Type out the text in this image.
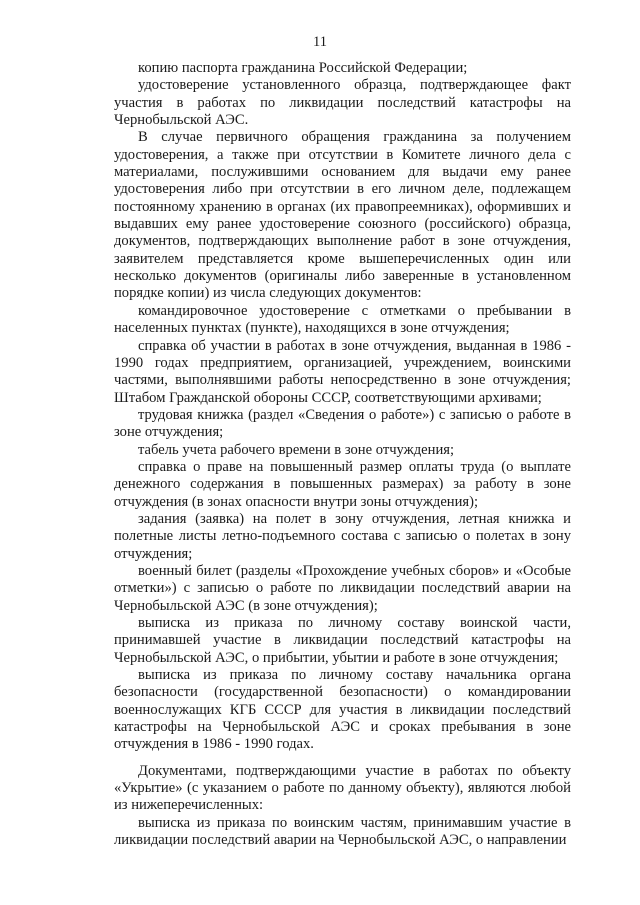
11

копию паспорта гражданина Российской Федерации;

удостоверение установленного образца, подтверждающее факт участия в работах по ликвидации последствий катастрофы на Чернобыльской АЭС.

В случае первичного обращения гражданина за получением удостоверения, а также при отсутствии в Комитете личного дела с материалами, послужившими основанием для выдачи ему ранее удостоверения либо при отсутствии в его личном деле, подлежащем постоянному хранению в органах (их правопреемниках), оформивших и выдавших ему ранее удостоверение союзного (российского) образца, документов, подтверждающих выполнение работ в зоне отчуждения, заявителем представляется кроме вышеперечисленных один или несколько документов (оригиналы либо заверенные в установленном порядке копии) из числа следующих документов:

командировочное удостоверение с отметками о пребывании в населенных пунктах (пункте), находящихся в зоне отчуждения;

справка об участии в работах в зоне отчуждения, выданная в 1986 - 1990 годах предприятием, организацией, учреждением, воинскими частями, выполнявшими работы непосредственно в зоне отчуждения; Штабом Гражданской обороны СССР, соответствующими архивами;

трудовая книжка (раздел «Сведения о работе») с записью о работе в зоне отчуждения;

табель учета рабочего времени в зоне отчуждения;

справка о праве на повышенный размер оплаты труда (о выплате денежного содержания в повышенных размерах) за работу в зоне отчуждения (в зонах опасности внутри зоны отчуждения);

задания (заявка) на полет в зону отчуждения, летная книжка и полетные листы летно-подъемного состава с записью о полетах в зону отчуждения;

военный билет (разделы «Прохождение учебных сборов» и «Особые отметки») с записью о работе по ликвидации последствий аварии на Чернобыльской АЭС (в зоне отчуждения);

выписка из приказа по личному составу воинской части, принимавшей участие в ликвидации последствий катастрофы на Чернобыльской АЭС, о прибытии, убытии и работе в зоне отчуждения;

выписка из приказа по личному составу начальника органа безопасности (государственной безопасности) о командировании военнослужащих КГБ СССР для участия в ликвидации последствий катастрофы на Чернобыльской АЭС и сроках пребывания в зоне отчуждения в 1986 - 1990 годах.

Документами, подтверждающими участие в работах по объекту «Укрытие» (с указанием о работе по данному объекту), являются любой из нижеперечисленных:

выписка из приказа по воинским частям, принимавшим участие в ликвидации последствий аварии на Чернобыльской АЭС, о направлении
